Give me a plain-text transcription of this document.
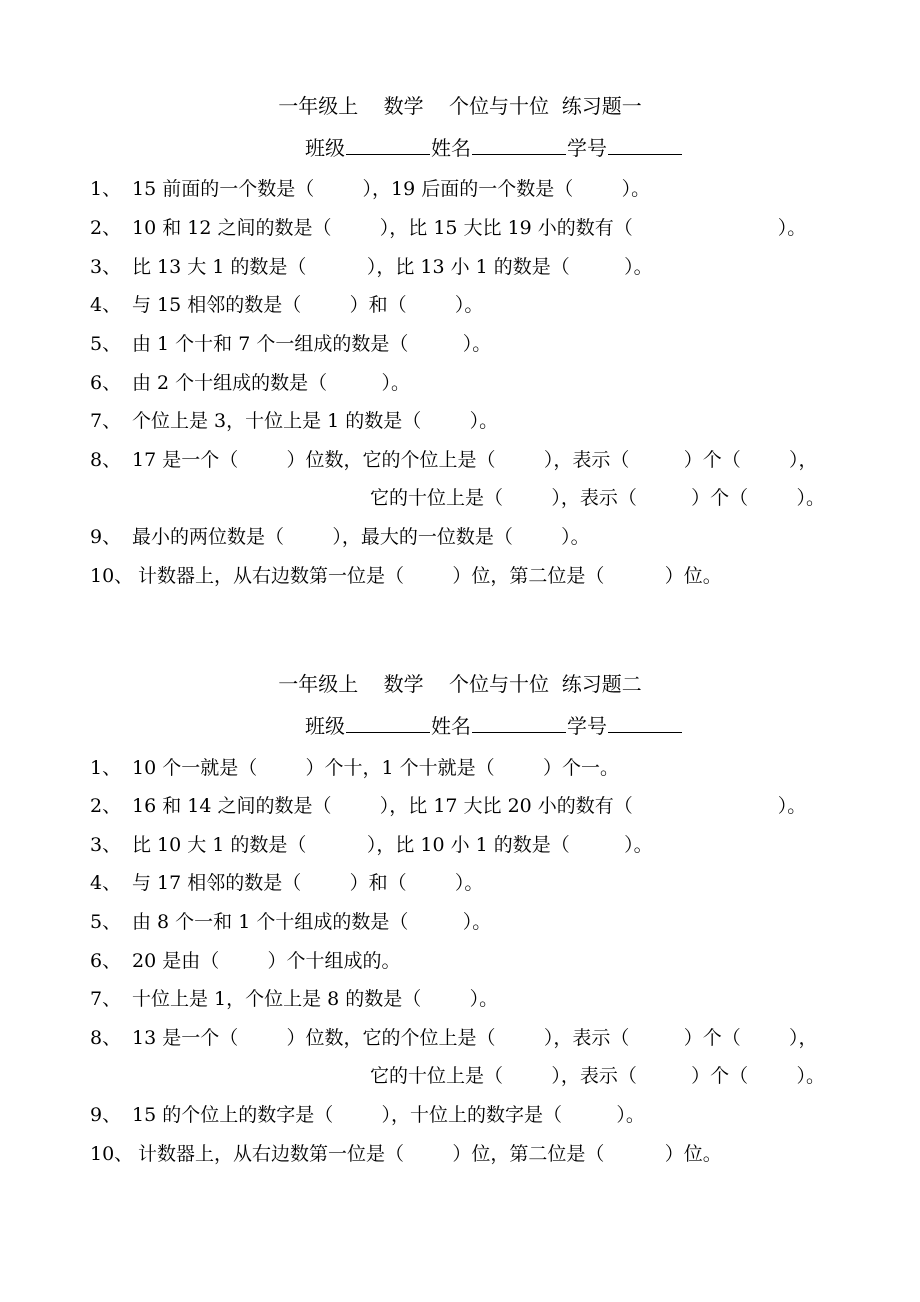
一年级上    数学    个位与十位  练习题一
班级	姓名	学号
1、 15 前面的一个数是（        ），19 后面的一个数是（        ）。
2、 10 和 12 之间的数是（        ），比 15 大比 19 小的数有（                        ）。
3、 比 13 大 1 的数是（          ），比 13 小 1 的数是（         ）。
4、 与 15 相邻的数是（        ）和（        ）。
5、 由 1 个十和 7 个一组成的数是（         ）。
6、 由 2 个十组成的数是（         ）。
7、 个位上是 3，十位上是 1 的数是（        ）。
8、 17 是一个（        ）位数，它的个位上是（        ），表示（         ）个（        ），
它的十位上是（        ），表示（         ）个（        ）。
9、 最小的两位数是（        ），最大的一位数是（        ）。
10、 计数器上，从右边数第一位是（        ）位，第二位是（          ）位。
一年级上    数学    个位与十位  练习题二
班级	姓名	学号
1、 10 个一就是（        ）个十，1 个十就是（        ）个一。
2、 16 和 14 之间的数是（        ），比 17 大比 20 小的数有（                        ）。
3、 比 10 大 1 的数是（          ），比 10 小 1 的数是（         ）。
4、 与 17 相邻的数是（        ）和（        ）。
5、 由 8 个一和 1 个十组成的数是（         ）。
6、 20 是由（        ）个十组成的。
7、 十位上是 1，个位上是 8 的数是（        ）。
8、 13 是一个（        ）位数，它的个位上是（        ），表示（         ）个（        ），
它的十位上是（        ），表示（         ）个（        ）。
9、 15 的个位上的数字是（        ），十位上的数字是（         ）。
10、 计数器上，从右边数第一位是（        ）位，第二位是（          ）位。
